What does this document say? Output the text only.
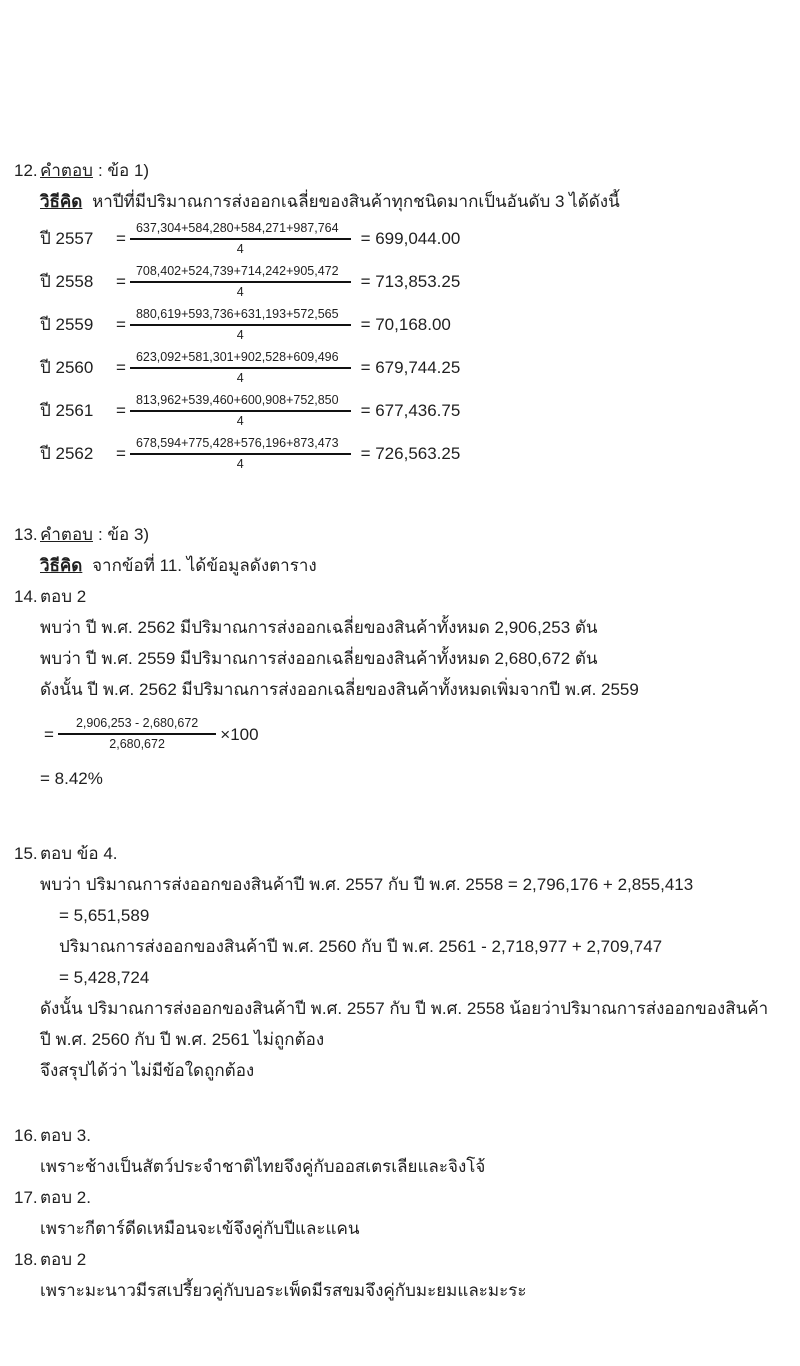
12. คำตอบ : ข้อ 1)
วิธีคิด หาปีที่มีปริมาณการส่งออกเฉลี่ยของสินค้าทุกชนิดมากเป็นอันดับ 3 ได้ดังนี้
ปี 2557	= $\frac{637,304+584,280+584,271+987,764}{4} = 699,044.00$
ปี 2558	= $\frac{708,402+524,739+714,242+905,472}{4} = 713,853.25$
ปี 2559	= $\frac{880,619+593,736+631,193+572,565}{4} = 70,168.00$
ปี 2560	= $\frac{623,092+581,301+902,528+609,496}{4} = 679,744.25$
ปี 2561	= $\frac{813,962+539,460+600,908+752,850}{4} = 677,436.75$
ปี 2562	= $\frac{678,594+775,428+576,196+873,473}{4} = 726,563.25$
13. คำตอบ : ข้อ 3)
วิธีคิด จากข้อที่ 11. ได้ข้อมูลดังตาราง
14. ตอบ 2
พบว่า ปี พ.ศ. 2562 มีปริมาณการส่งออกเฉลี่ยของสินค้าทั้งหมด 2,906,253 ตัน
พบว่า ปี พ.ศ. 2559 มีปริมาณการส่งออกเฉลี่ยของสินค้าทั้งหมด 2,680,672 ตัน
ดังนั้น ปี พ.ศ. 2562 มีปริมาณการส่งออกเฉลี่ยของสินค้าทั้งหมดเพิ่มจากปี พ.ศ. 2559
= $\frac{2,906,253 - 2,680,672}{2,680,672} \times 100$
= 8.42%
15. ตอบ ข้อ 4.
พบว่า ปริมาณการส่งออกของสินค้าปี พ.ศ. 2557 กับ ปี พ.ศ. 2558 = 2,796,176 + 2,855,413
= 5,651,589
ปริมาณการส่งออกของสินค้าปี พ.ศ. 2560 กับ ปี พ.ศ. 2561 - 2,718,977 + 2,709,747
= 5,428,724
ดังนั้น ปริมาณการส่งออกของสินค้าปี พ.ศ. 2557 กับ ปี พ.ศ. 2558 น้อยว่าปริมาณการส่งออกของสินค้า
ปี พ.ศ. 2560 กับ ปี พ.ศ. 2561 ไม่ถูกต้อง
จึงสรุปได้ว่า ไม่มีข้อใดถูกต้อง
16. ตอบ 3.
เพราะช้างเป็นสัตว์ประจำชาติไทยจึงคู่กับออสเตรเลียและจิงโจ้
17. ตอบ 2.
เพราะกีตาร์ดีดเหมือนจะเข้จึงคู่กับปีและแคน
18. ตอบ 2
เพราะมะนาวมีรสเปรี้ยวคู่กับบอระเพ็ดมีรสขมจึงคู่กับมะยมและมะระ
